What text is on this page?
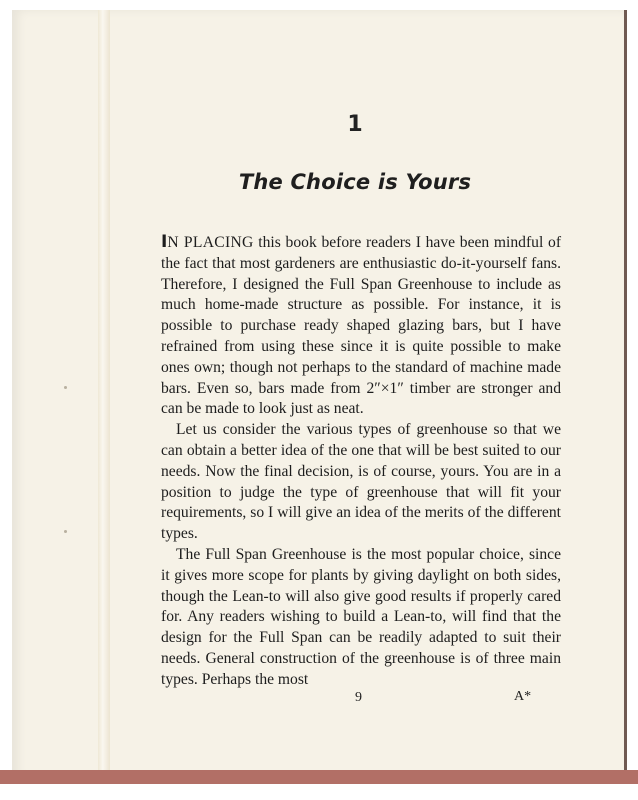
1
The Choice is Yours

IN PLACING this book before readers I have been mindful of the fact that most gardeners are enthusiastic do-it-yourself fans. Therefore, I designed the Full Span Greenhouse to include as much home-made structure as possible. For instance, it is possible to purchase ready shaped glazing bars, but I have refrained from using these since it is quite possible to make ones own; though not perhaps to the standard of machine made bars. Even so, bars made from 2″×1″ timber are stronger and can be made to look just as neat.

Let us consider the various types of greenhouse so that we can obtain a better idea of the one that will be best suited to our needs. Now the final decision, is of course, yours. You are in a position to judge the type of greenhouse that will fit your requirements, so I will give an idea of the merits of the different types.

The Full Span Greenhouse is the most popular choice, since it gives more scope for plants by giving daylight on both sides, though the Lean-to will also give good results if properly cared for. Any readers wishing to build a Lean-to, will find that the design for the Full Span can be readily adapted to suit their needs. General construction of the greenhouse is of three main types. Perhaps the most

9	A*
